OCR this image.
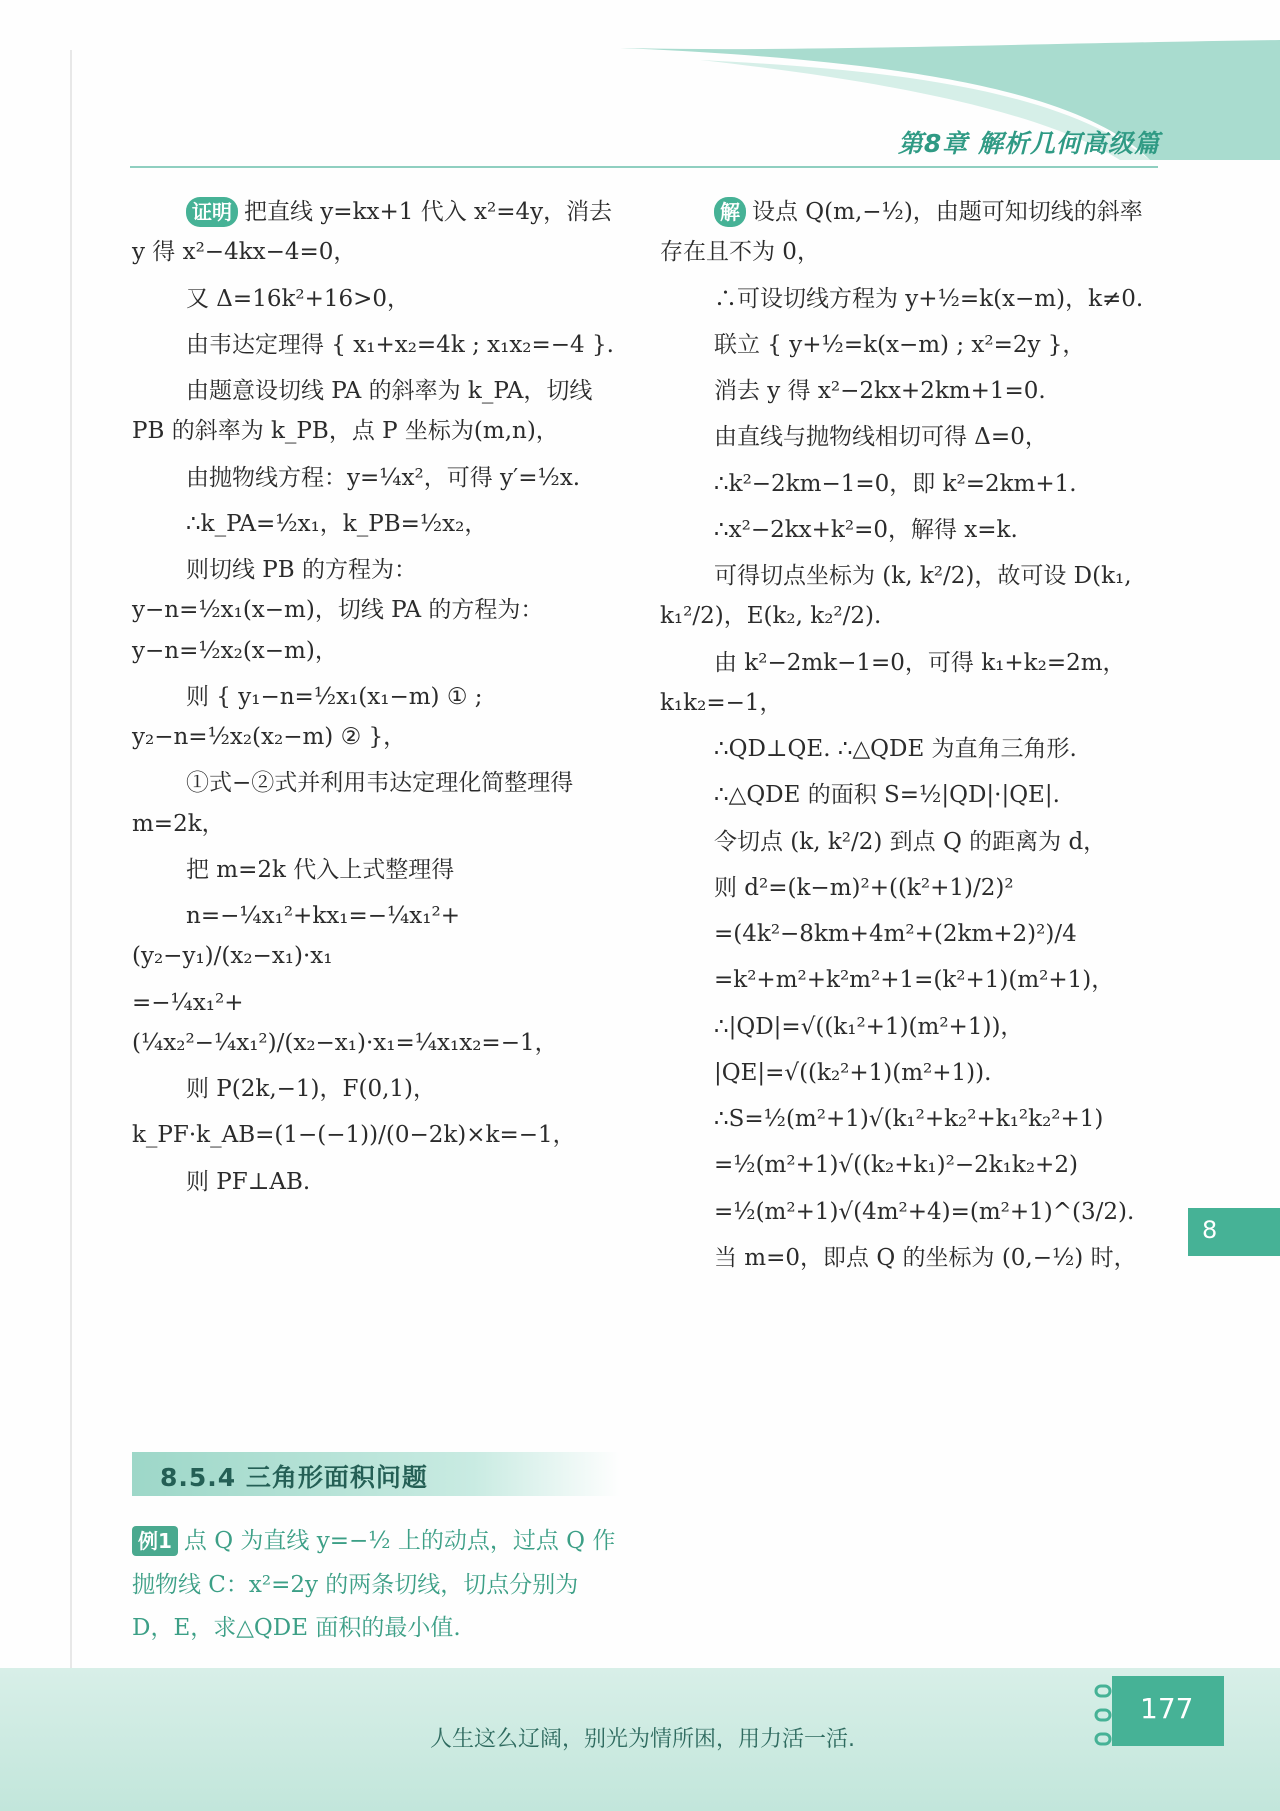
第8章 解析几何高级篇

证明 把直线 y=kx+1 代入 x²=4y，消去 y 得 x²−4kx−4=0，

又 Δ=16k²+16>0，

由韦达定理得 { x₁+x₂=4k ; x₁x₂=−4 }.

由题意设切线 PA 的斜率为 k_PA，切线 PB 的斜率为 k_PB，点 P 坐标为(m,n)，

由抛物线方程：y=¼x²，可得 y′=½x.

∴k_PA=½x₁，k_PB=½x₂，

则切线 PB 的方程为：y−n=½x₁(x−m)，切线 PA 的方程为：y−n=½x₂(x−m)，

则 { y₁−n=½x₁(x₁−m) ① ; y₂−n=½x₂(x₂−m) ② }，

①式−②式并利用韦达定理化简整理得 m=2k，

把 m=2k 代入上式整理得

n=−¼x₁²+kx₁=−¼x₁²+(y₂−y₁)/(x₂−x₁)·x₁

=−¼x₁²+(¼x₂²−¼x₁²)/(x₂−x₁)·x₁=¼x₁x₂=−1，

则 P(2k,−1)，F(0,1)，

k_PF·k_AB=(1−(−1))/(0−2k)×k=−1，

则 PF⊥AB.

8.5.4 三角形面积问题
例1 点 Q 为直线 y=−½ 上的动点，过点 Q 作抛物线 C：x²=2y 的两条切线，切点分别为 D，E，求△QDE 面积的最小值.

解 设点 Q(m,−½)，由题可知切线的斜率存在且不为 0，

∴可设切线方程为 y+½=k(x−m)，k≠0.

联立 { y+½=k(x−m) ; x²=2y }，

消去 y 得 x²−2kx+2km+1=0.

由直线与抛物线相切可得 Δ=0，

∴k²−2km−1=0，即 k²=2km+1.

∴x²−2kx+k²=0，解得 x=k.

可得切点坐标为 (k, k²/2)，故可设 D(k₁, k₁²/2)，E(k₂, k₂²/2).

由 k²−2mk−1=0，可得 k₁+k₂=2m，k₁k₂=−1，

∴QD⊥QE. ∴△QDE 为直角三角形.

∴△QDE 的面积 S=½|QD|·|QE|.

令切点 (k, k²/2) 到点 Q 的距离为 d，

则 d²=(k−m)²+((k²+1)/2)²

=(4k²−8km+4m²+(2km+2)²)/4

=k²+m²+k²m²+1=(k²+1)(m²+1)，

∴|QD|=√((k₁²+1)(m²+1))，

|QE|=√((k₂²+1)(m²+1)).

∴S=½(m²+1)√(k₁²+k₂²+k₁²k₂²+1)

=½(m²+1)√((k₂+k₁)²−2k₁k₂+2)

=½(m²+1)√(4m²+4)=(m²+1)^(3/2).

当 m=0，即点 Q 的坐标为 (0,−½) 时，

8
人生这么辽阔，别光为情所困，用力活一活.
177
